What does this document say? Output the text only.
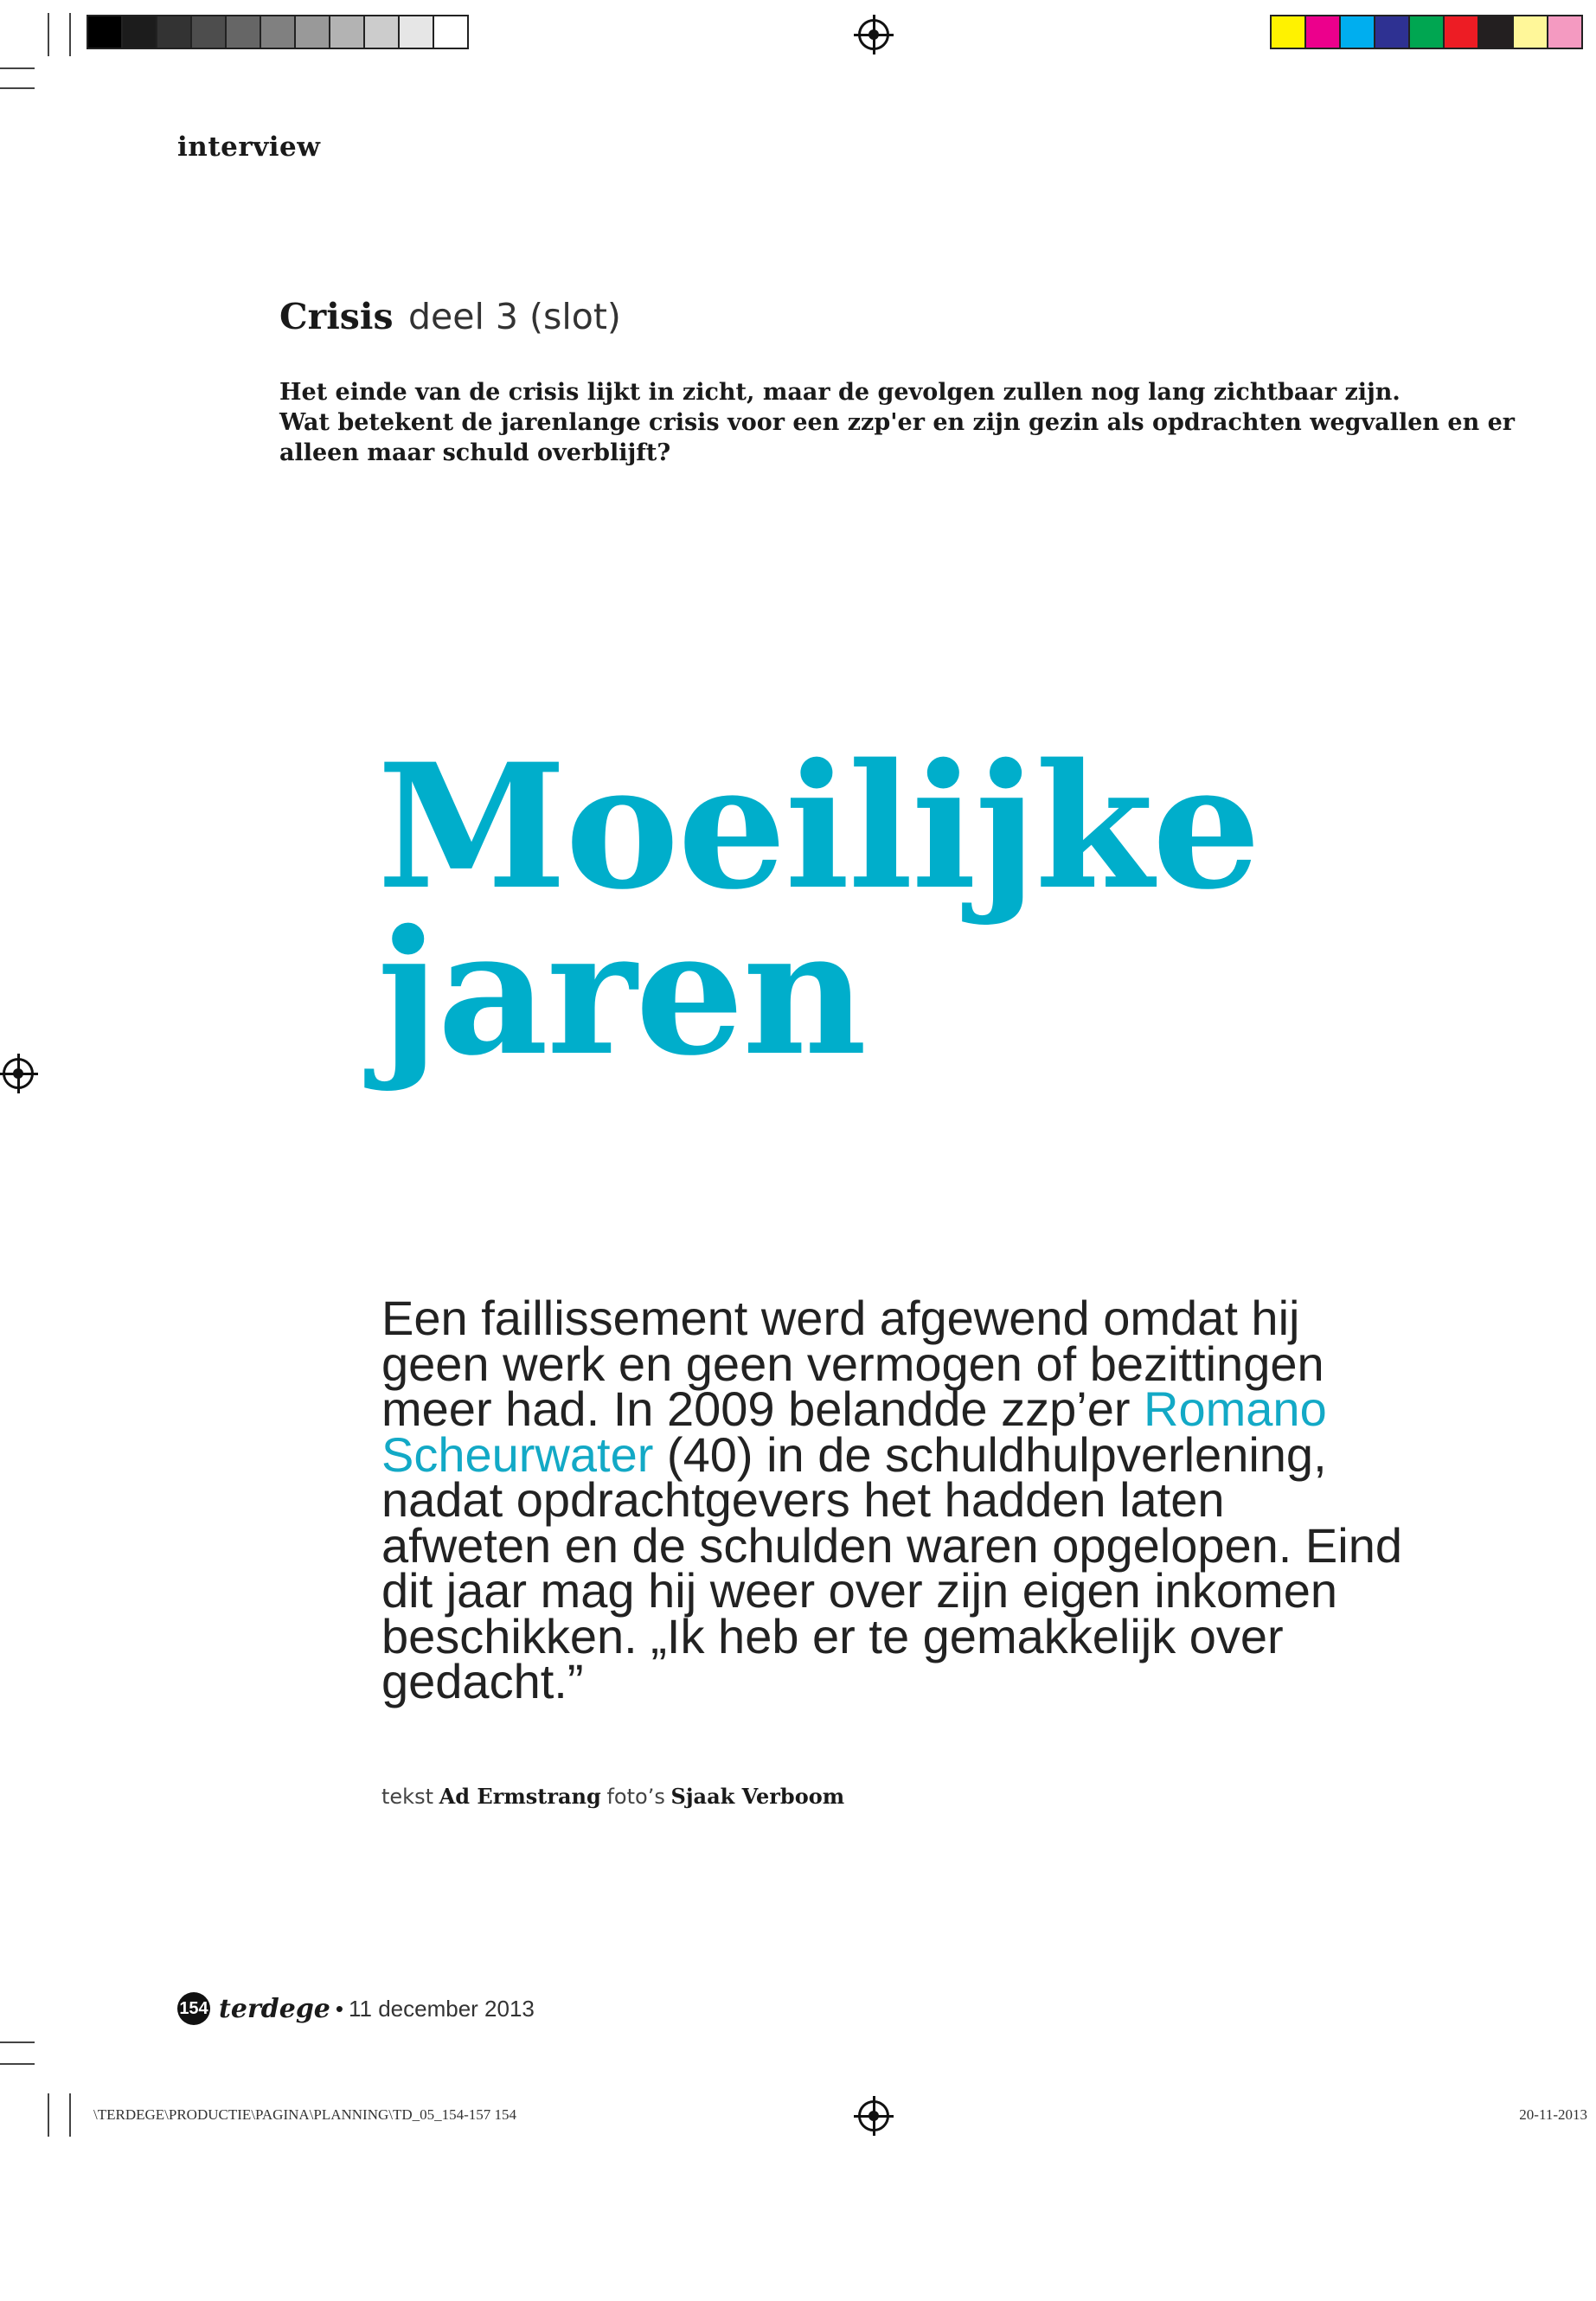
interview
Crisis deel 3 (slot)
Het einde van de crisis lijkt in zicht, maar de gevolgen zullen nog lang zichtbaar zijn.
Wat betekent de jarenlange crisis voor een zzp'er en zijn gezin als opdrachten wegvallen en er alleen maar schuld overblijft?
Moeilijke
jaren
Een faillissement werd afgewend omdat hij geen werk en geen vermogen of bezittingen meer had. In 2009 belandde zzp’er Romano Scheurwater (40) in de schuldhulpverlening, nadat opdrachtgevers het hadden laten afweten en de schulden waren opgelopen. Eind dit jaar mag hij weer over zijn eigen inkomen beschikken. „Ik heb er te gemakkelijk over gedacht.”
tekst Ad Ermstrang foto’s Sjaak Verboom
154 terdege • 11 december 2013
\TERDEGE\PRODUCTIE\PAGINA\PLANNING\TD_05_154-157 154	20-11-2013
